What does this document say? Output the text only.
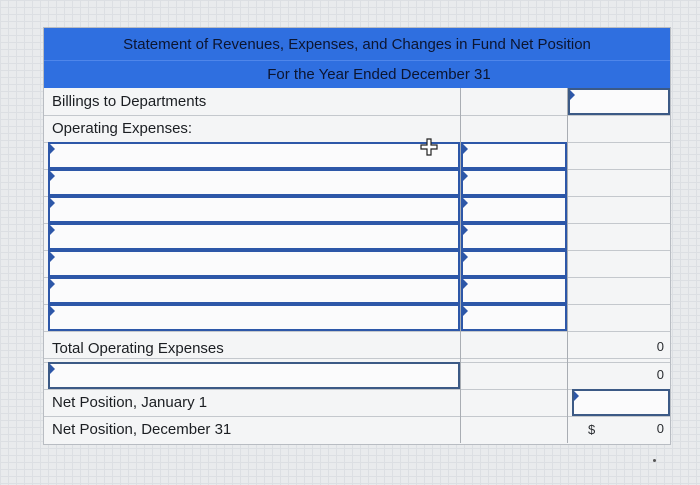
Statement of Revenues, Expenses, and Changes in Fund Net Position
For the Year Ended December 31
Billings to Departments
Operating Expenses:
Total Operating Expenses	0
0
Net Position, January 1
Net Position, December 31	$	0
